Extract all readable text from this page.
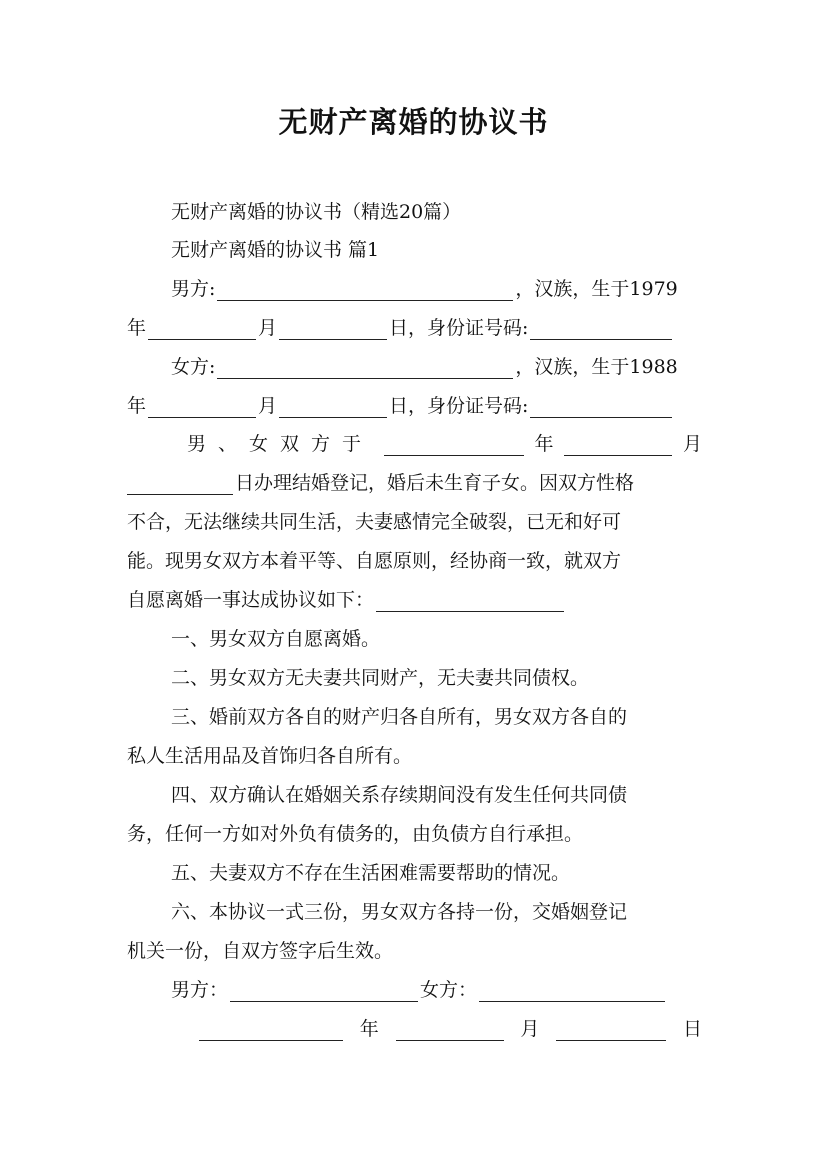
无财产离婚的协议书
无财产离婚的协议书（精选20篇）
无财产离婚的协议书 篇1
男方:	，汉族，生于1979
年	月	日，身份证号码:
女方:	，汉族，生于1988
年	月	日，身份证号码:
男、女双方于	年	月
日办理结婚登记，婚后未生育子女。因双方性格
不合，无法继续共同生活，夫妻感情完全破裂，已无和好可
能。现男女双方本着平等、自愿原则，经协商一致，就双方
自愿离婚一事达成协议如下：
一、男女双方自愿离婚。
二、男女双方无夫妻共同财产，无夫妻共同债权。
三、婚前双方各自的财产归各自所有，男女双方各自的
私人生活用品及首饰归各自所有。
四、双方确认在婚姻关系存续期间没有发生任何共同债
务，任何一方如对外负有债务的，由负债方自行承担。
五、夫妻双方不存在生活困难需要帮助的情况。
六、本协议一式三份，男女双方各持一份，交婚姻登记
机关一份，自双方签字后生效。
男方：	女方：
年	月	日
